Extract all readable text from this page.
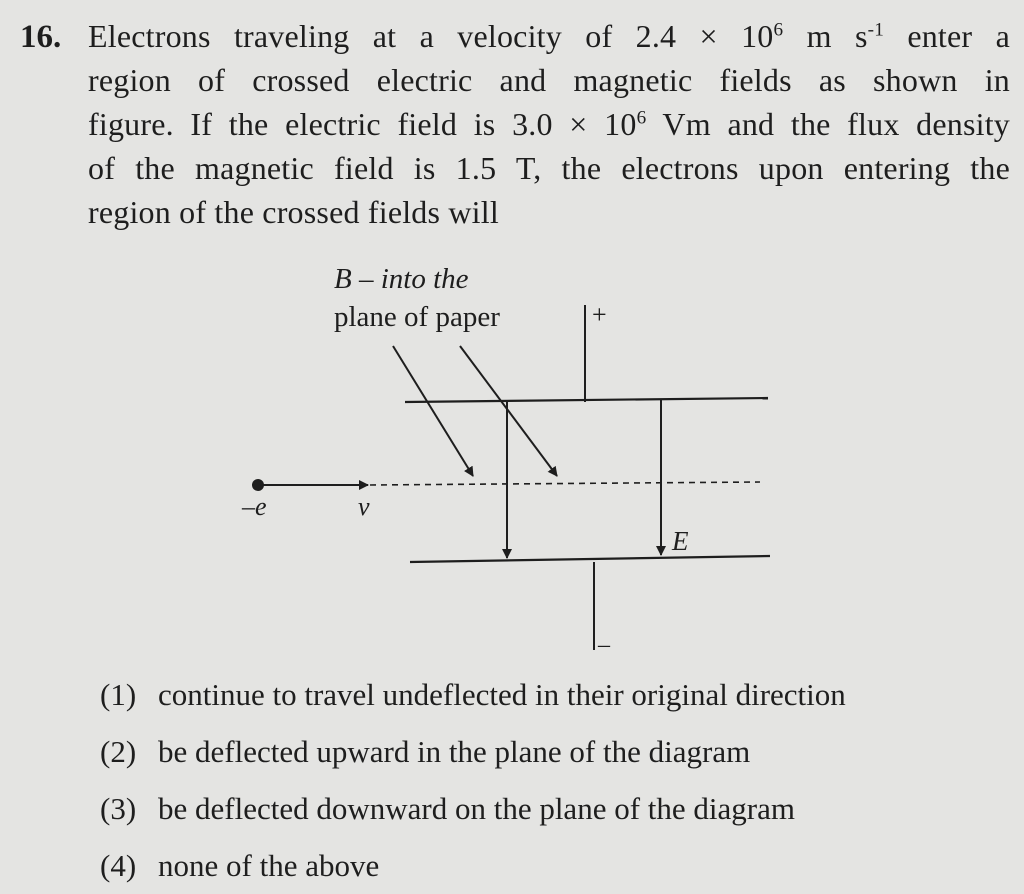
16. Electrons traveling at a velocity of $2.4 \times 10^6$ m $s^{-1}$ enter a
region of crossed electric and magnetic fields as shown in
figure. If the electric field is $3.0 \times 10^6$ Vm and the flux density
of the magnetic field is 1.5 T, the electrons upon entering the
region of the crossed fields will
B – into the
plane of paper	+
–
–e	v
E
(1) continue to travel undeflected in their original direction
(2) be deflected upward in the plane of the diagram
(3) be deflected downward on the plane of the diagram
(4) none of the above
